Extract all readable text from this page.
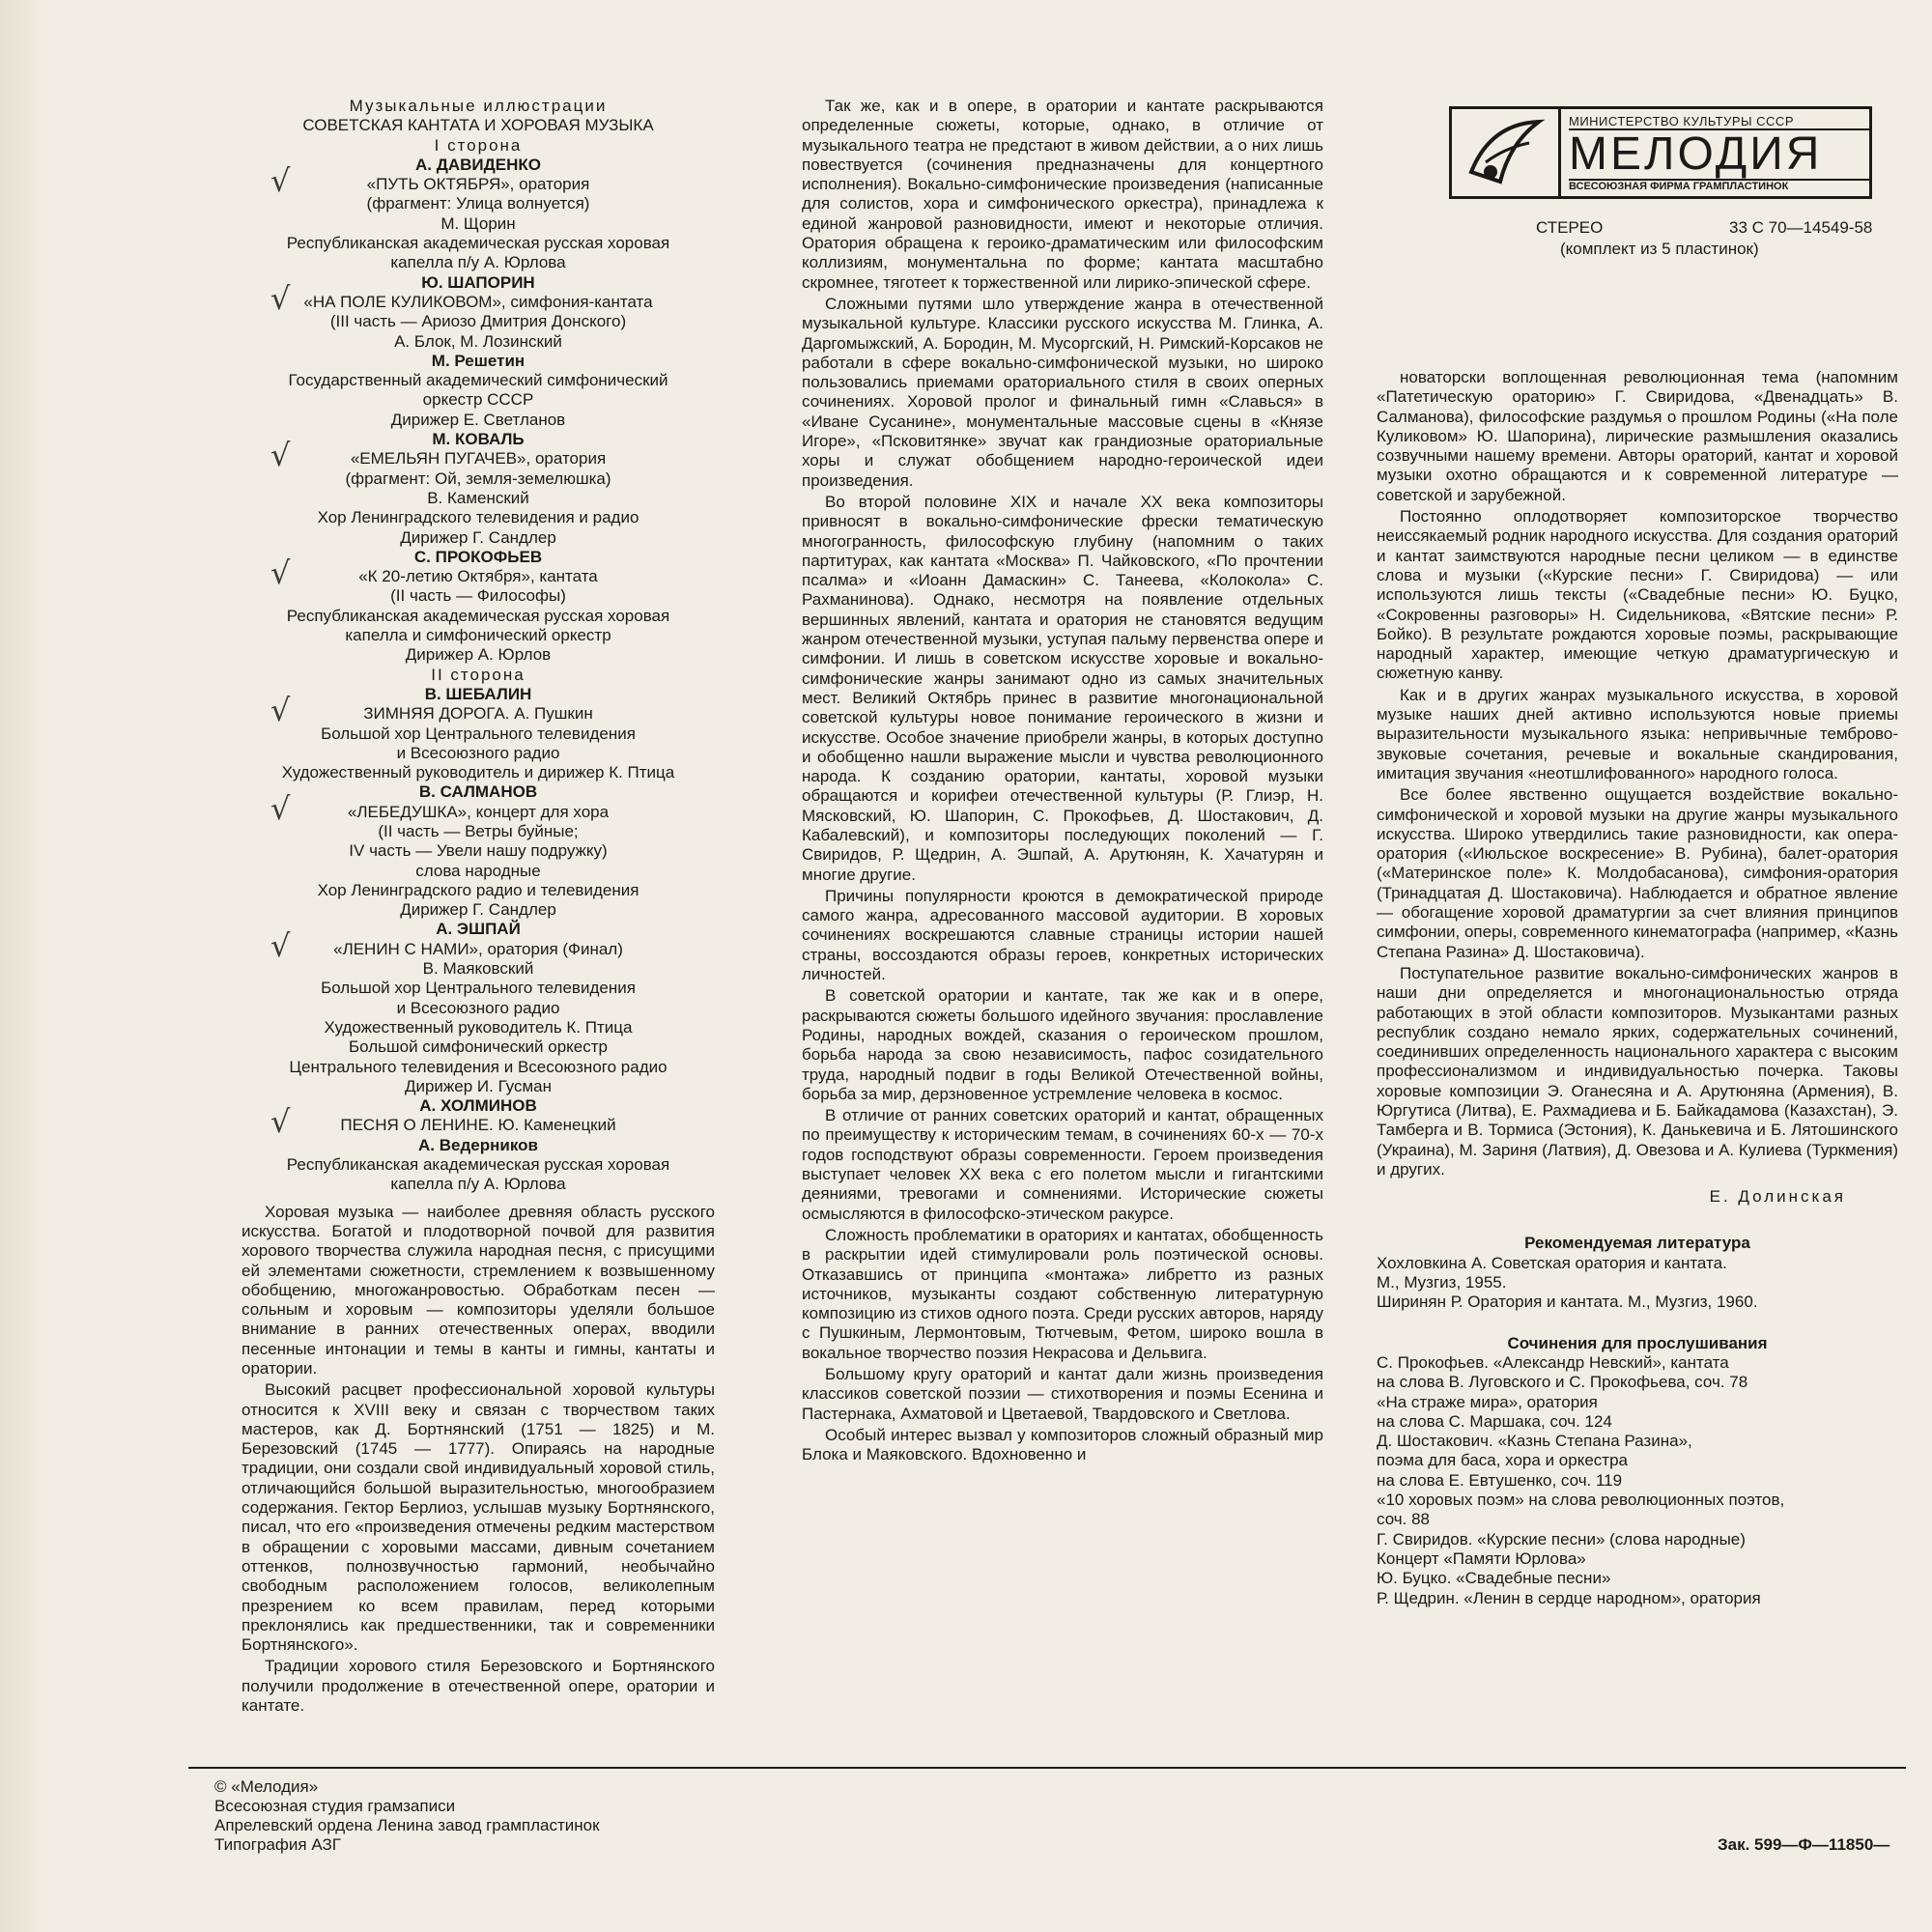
МИНИСТЕРСТВО КУЛЬТУРЫ СССР
МЕЛОДИЯ
ВСЕСОЮЗНАЯ ФИРМА ГРАМПЛАСТИНОК
СТЕРЕО	33 С 70—14549-58
(комплект из 5 пластинок)
Музыкальные иллюстрации
СОВЕТСКАЯ КАНТАТА И ХОРОВАЯ МУЗЫКА
I сторона
А. ДАВИДЕНКО
«ПУТЬ ОКТЯБРЯ», оратория
√
(фрагмент: Улица волнуется)
М. Щорин
Республиканская академическая русская хоровая
капелла п/у А. Юрлова
Ю. ШАПОРИН
«НА ПОЛЕ КУЛИКОВОМ», симфония-кантата
√
(III часть — Ариозо Дмитрия Донского)
А. Блок, М. Лозинский
М. Решетин
Государственный академический симфонический
оркестр СССР
Дирижер Е. Светланов
М. КОВАЛЬ
«ЕМЕЛЬЯН ПУГАЧЕВ», оратория
√
(фрагмент: Ой, земля-земелюшка)
В. Каменский
Хор Ленинградского телевидения и радио
Дирижер Г. Сандлер
С. ПРОКОФЬЕВ
«К 20-летию Октября», кантата
√
(II часть — Философы)
Республиканская академическая русская хоровая
капелла и симфонический оркестр
Дирижер А. Юрлов
II сторона
В. ШЕБАЛИН
ЗИМНЯЯ ДОРОГА. А. Пушкин
√
Большой хор Центрального телевидения
и Всесоюзного радио
Художественный руководитель и дирижер К. Птица
В. САЛМАНОВ
«ЛЕБЕДУШКА», концерт для хора
√
(II часть — Ветры буйные;
IV часть — Увели нашу подружку)
слова народные
Хор Ленинградского радио и телевидения
Дирижер Г. Сандлер
А. ЭШПАЙ
«ЛЕНИН С НАМИ», оратория (Финал)
√
В. Маяковский
Большой хор Центрального телевидения
и Всесоюзного радио
Художественный руководитель К. Птица
Большой симфонический оркестр
Центрального телевидения и Всесоюзного радио
Дирижер И. Гусман
А. ХОЛМИНОВ
ПЕСНЯ О ЛЕНИНЕ. Ю. Каменецкий
√
А. Ведерников
Республиканская академическая русская хоровая
капелла п/у А. Юрлова

Хоровая музыка — наиболее древняя область русского искусства. Богатой и плодотворной почвой для развития хорового творчества служила народная песня, с присущими ей элементами сюжетности, стремлением к возвышенному обобщению, многожанровостью. Обработкам песен — сольным и хоровым — композиторы уделяли большое внимание в ранних отечественных операх, вводили песенные интонации и темы в канты и гимны, кантаты и оратории.

Высокий расцвет профессиональной хоровой культуры относится к XVIII веку и связан с творчеством таких мастеров, как Д. Бортнянский (1751 — 1825) и М. Березовский (1745 — 1777). Опираясь на народные традиции, они создали свой индивидуальный хоровой стиль, отличающийся большой выразительностью, многообразием содержания. Гектор Берлиоз, услышав музыку Бортнянского, писал, что его «произведения отмечены редким мастерством в обращении с хоровыми массами, дивным сочетанием оттенков, полнозвучностью гармоний, необычайно свободным расположением голосов, великолепным презрением ко всем правилам, перед которыми преклонялись как предшественники, так и современники Бортнянского».

Традиции хорового стиля Березовского и Бортнянского получили продолжение в отечественной опере, оратории и кантате.

Так же, как и в опере, в оратории и кантате раскрываются определенные сюжеты, которые, однако, в отличие от музыкального театра не предстают в живом действии, а о них лишь повествуется (сочинения предназначены для концертного исполнения). Вокально-симфонические произведения (написанные для солистов, хора и симфонического оркестра), принадлежа к единой жанровой разновидности, имеют и некоторые отличия. Оратория обращена к героико-драматическим или философским коллизиям, монументальна по форме; кантата масштабно скромнее, тяготеет к торжественной или лирико-эпической сфере.

Сложными путями шло утверждение жанра в отечественной музыкальной культуре. Классики русского искусства М. Глинка, А. Даргомыжский, А. Бородин, М. Мусоргский, Н. Римский-Корсаков не работали в сфере вокально-симфонической музыки, но широко пользовались приемами ораториального стиля в своих оперных сочинениях. Хоровой пролог и финальный гимн «Славься» в «Иване Сусанине», монументальные массовые сцены в «Князе Игоре», «Псковитянке» звучат как грандиозные ораториальные хоры и служат обобщением народно-героической идеи произведения.

Во второй половине XIX и начале XX века композиторы привносят в вокально-симфонические фрески тематическую многогранность, философскую глубину (напомним о таких партитурах, как кантата «Москва» П. Чайковского, «По прочтении псалма» и «Иоанн Дамаскин» С. Танеева, «Колокола» С. Рахманинова). Однако, несмотря на появление отдельных вершинных явлений, кантата и оратория не становятся ведущим жанром отечественной музыки, уступая пальму первенства опере и симфонии. И лишь в советском искусстве хоровые и вокально-симфонические жанры занимают одно из самых значительных мест. Великий Октябрь принес в развитие многонациональной советской культуры новое понимание героического в жизни и искусстве. Особое значение приобрели жанры, в которых доступно и обобщенно нашли выражение мысли и чувства революционного народа. К созданию оратории, кантаты, хоровой музыки обращаются и корифеи отечественной культуры (Р. Глиэр, Н. Мясковский, Ю. Шапорин, С. Прокофьев, Д. Шостакович, Д. Кабалевский), и композиторы последующих поколений — Г. Свиридов, Р. Щедрин, А. Эшпай, А. Арутюнян, К. Хачатурян и многие другие.

Причины популярности кроются в демократической природе самого жанра, адресованного массовой аудитории. В хоровых сочинениях воскрешаются славные страницы истории нашей страны, воссоздаются образы героев, конкретных исторических личностей.

В советской оратории и кантате, так же как и в опере, раскрываются сюжеты большого идейного звучания: прославление Родины, народных вождей, сказания о героическом прошлом, борьба народа за свою независимость, пафос созидательного труда, народный подвиг в годы Великой Отечественной войны, борьба за мир, дерзновенное устремление человека в космос.

В отличие от ранних советских ораторий и кантат, обращенных по преимуществу к историческим темам, в сочинениях 60-х — 70-х годов господствуют образы современности. Героем произведения выступает человек XX века с его полетом мысли и гигантскими деяниями, тревогами и сомнениями. Исторические сюжеты осмысляются в философско-этическом ракурсе.

Сложность проблематики в ораториях и кантатах, обобщенность в раскрытии идей стимулировали роль поэтической основы. Отказавшись от принципа «монтажа» либретто из разных источников, музыканты создают собственную литературную композицию из стихов одного поэта. Среди русских авторов, наряду с Пушкиным, Лермонтовым, Тютчевым, Фетом, широко вошла в вокальное творчество поэзия Некрасова и Дельвига.

Большому кругу ораторий и кантат дали жизнь произведения классиков советской поэзии — стихотворения и поэмы Есенина и Пастернака, Ахматовой и Цветаевой, Твардовского и Светлова.

Особый интерес вызвал у композиторов сложный образный мир Блока и Маяковского. Вдохновенно и

новаторски воплощенная революционная тема (напомним «Патетическую ораторию» Г. Свиридова, «Двенадцать» В. Салманова), философские раздумья о прошлом Родины («На поле Куликовом» Ю. Шапорина), лирические размышления оказались созвучными нашему времени. Авторы ораторий, кантат и хоровой музыки охотно обращаются и к современной литературе — советской и зарубежной.

Постоянно оплодотворяет композиторское творчество неиссякаемый родник народного искусства. Для создания ораторий и кантат заимствуются народные песни целиком — в единстве слова и музыки («Курские песни» Г. Свиридова) — или используются лишь тексты («Свадебные песни» Ю. Буцко, «Сокровенны разговоры» Н. Сидельникова, «Вятские песни» Р. Бойко). В результате рождаются хоровые поэмы, раскрывающие народный характер, имеющие четкую драматургическую и сюжетную канву.

Как и в других жанрах музыкального искусства, в хоровой музыке наших дней активно используются новые приемы выразительности музыкального языка: непривычные темброво-звуковые сочетания, речевые и вокальные скандирования, имитация звучания «неотшлифованного» народного голоса.

Все более явственно ощущается воздействие вокально-симфонической и хоровой музыки на другие жанры музыкального искусства. Широко утвердились такие разновидности, как опера-оратория («Июльское воскресение» В. Рубина), балет-оратория («Материнское поле» К. Молдобасанова), симфония-оратория (Тринадцатая Д. Шостаковича). Наблюдается и обратное явление — обогащение хоровой драматургии за счет влияния принципов симфонии, оперы, современного кинематографа (например, «Казнь Степана Разина» Д. Шостаковича).

Поступательное развитие вокально-симфонических жанров в наши дни определяется и многонациональностью отряда работающих в этой области композиторов. Музыкантами разных республик создано немало ярких, содержательных сочинений, соединивших определенность национального характера с высоким профессионализмом и индивидуальностью почерка. Таковы хоровые композиции Э. Оганесяна и А. Арутюняна (Армения), В. Юргутиса (Литва), Е. Рахмадиева и Б. Байкадамова (Казахстан), Э. Тамберга и В. Тормиса (Эстония), К. Данькевича и Б. Лятошинского (Украина), М. Зариня (Латвия), Д. Овезова и А. Кулиева (Туркмения) и других.

Е. Долинская
Рекомендуемая литература
Хохловкина А. Советская оратория и кантата.
М., Музгиз, 1955.
Ширинян Р. Оратория и кантата. М., Музгиз, 1960.
Сочинения для прослушивания
С. Прокофьев. «Александр Невский», кантата
на слова В. Луговского и С. Прокофьева, соч. 78
«На страже мира», оратория
на слова С. Маршака, соч. 124
Д. Шостакович. «Казнь Степана Разина»,
поэма для баса, хора и оркестра
на слова Е. Евтушенко, соч. 119
«10 хоровых поэм» на слова революционных поэтов,
соч. 88
Г. Свиридов. «Курские песни» (слова народные)
Концерт «Памяти Юрлова»
Ю. Буцко. «Свадебные песни»
Р. Щедрин. «Ленин в сердце народном», оратория
© «Мелодия»
Всесоюзная студия грамзаписи
Апрелевский ордена Ленина завод грампластинок
Типография АЗГ	Зак. 599—Ф—11850—
